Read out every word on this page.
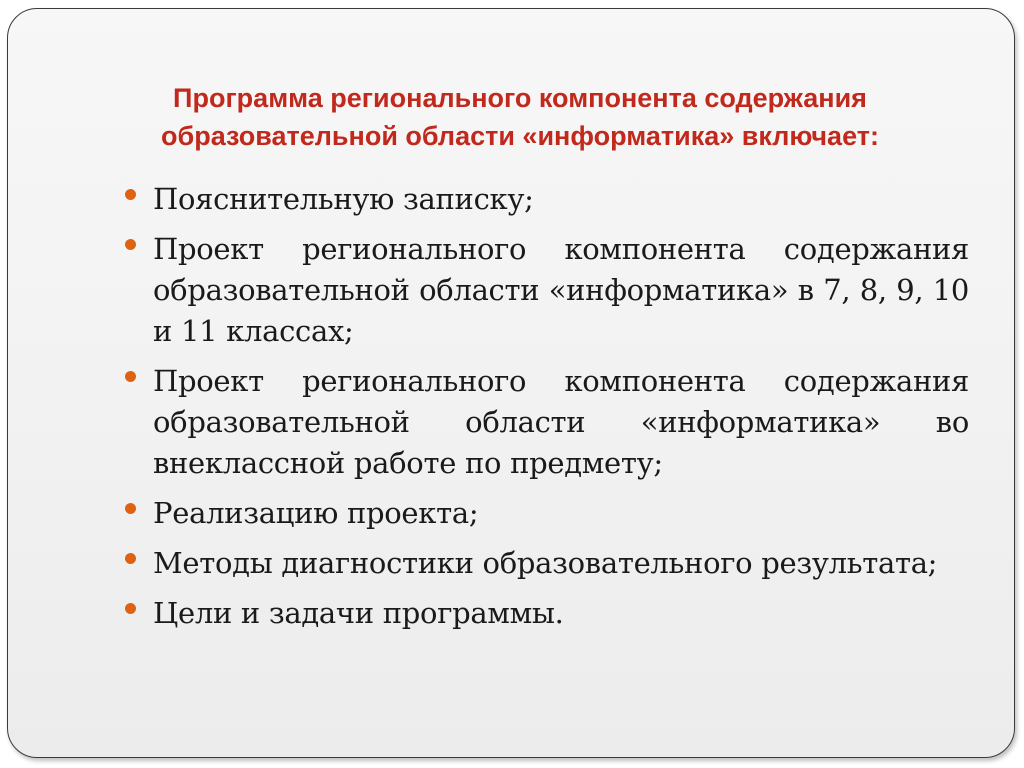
Программа регионального компонента содержания
образовательной области «информатика» включает:
Пояснительную записку;
Проект регионального компонента содержания образовательной области «информатика» в 7, 8, 9, 10 и 11 классах;
Проект регионального компонента содержания образовательной области «информатика» во внеклассной работе по предмету;
Реализацию проекта;
Методы диагностики образовательного результата;
Цели и задачи программы.
